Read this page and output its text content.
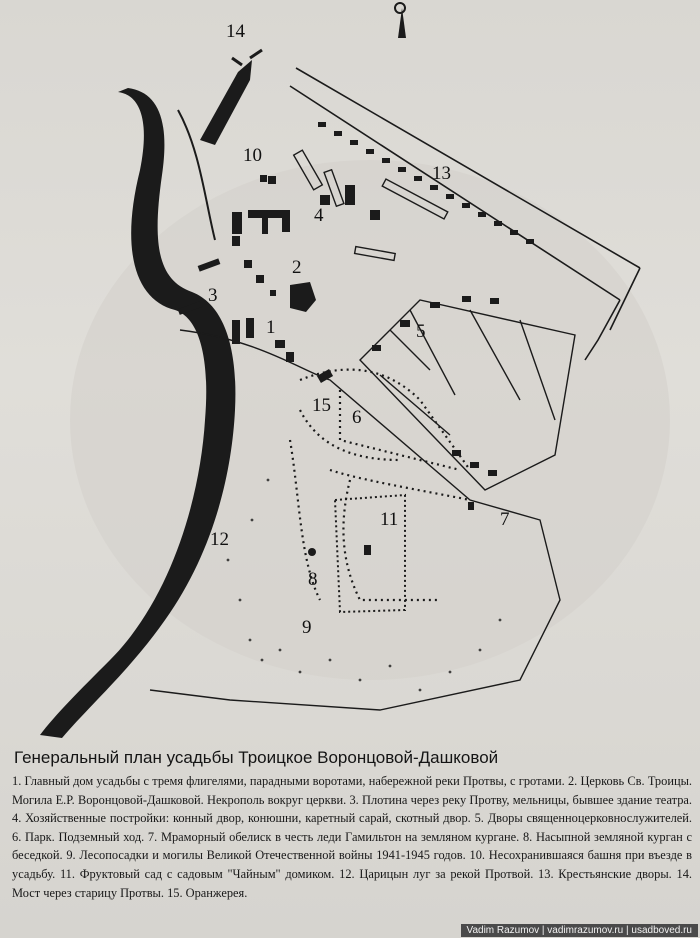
1
2
3
4
5
6
7
8
9
10
11
12
13
14
15
Генеральный план усадьбы Троицкое Воронцовой-Дашковой

1. Главный дом усадьбы с тремя флигелями, парадными воротами, набережной реки Протвы, с гротами. 2. Церковь Св. Троицы. Могила Е.Р. Воронцовой-Дашковой. Некрополь вокруг церкви. 3. Плотина через реку Протву, мельницы, бывшее здание театра. 4. Хозяйственные постройки: конный двор, конюшни, каретный сарай, скотный двор. 5. Дворы священноцерковнослужителей. 6. Парк. Подземный ход. 7. Мраморный обелиск в честь леди Гамильтон на земляном кургане. 8. Насыпной земляной курган с беседкой. 9. Лесопосадки и могилы Великой Отечественной войны 1941-1945 годов. 10. Несохранившаяся башня при въезде в усадьбу. 11. Фруктовый сад с садовым "Чайным" домиком. 12. Царицын луг за рекой Протвой. 13. Крестьянские дворы. 14. Мост через старицу Протвы. 15. Оранжерея.

Vadim Razumov | vadimrazumov.ru | usadboved.ru
